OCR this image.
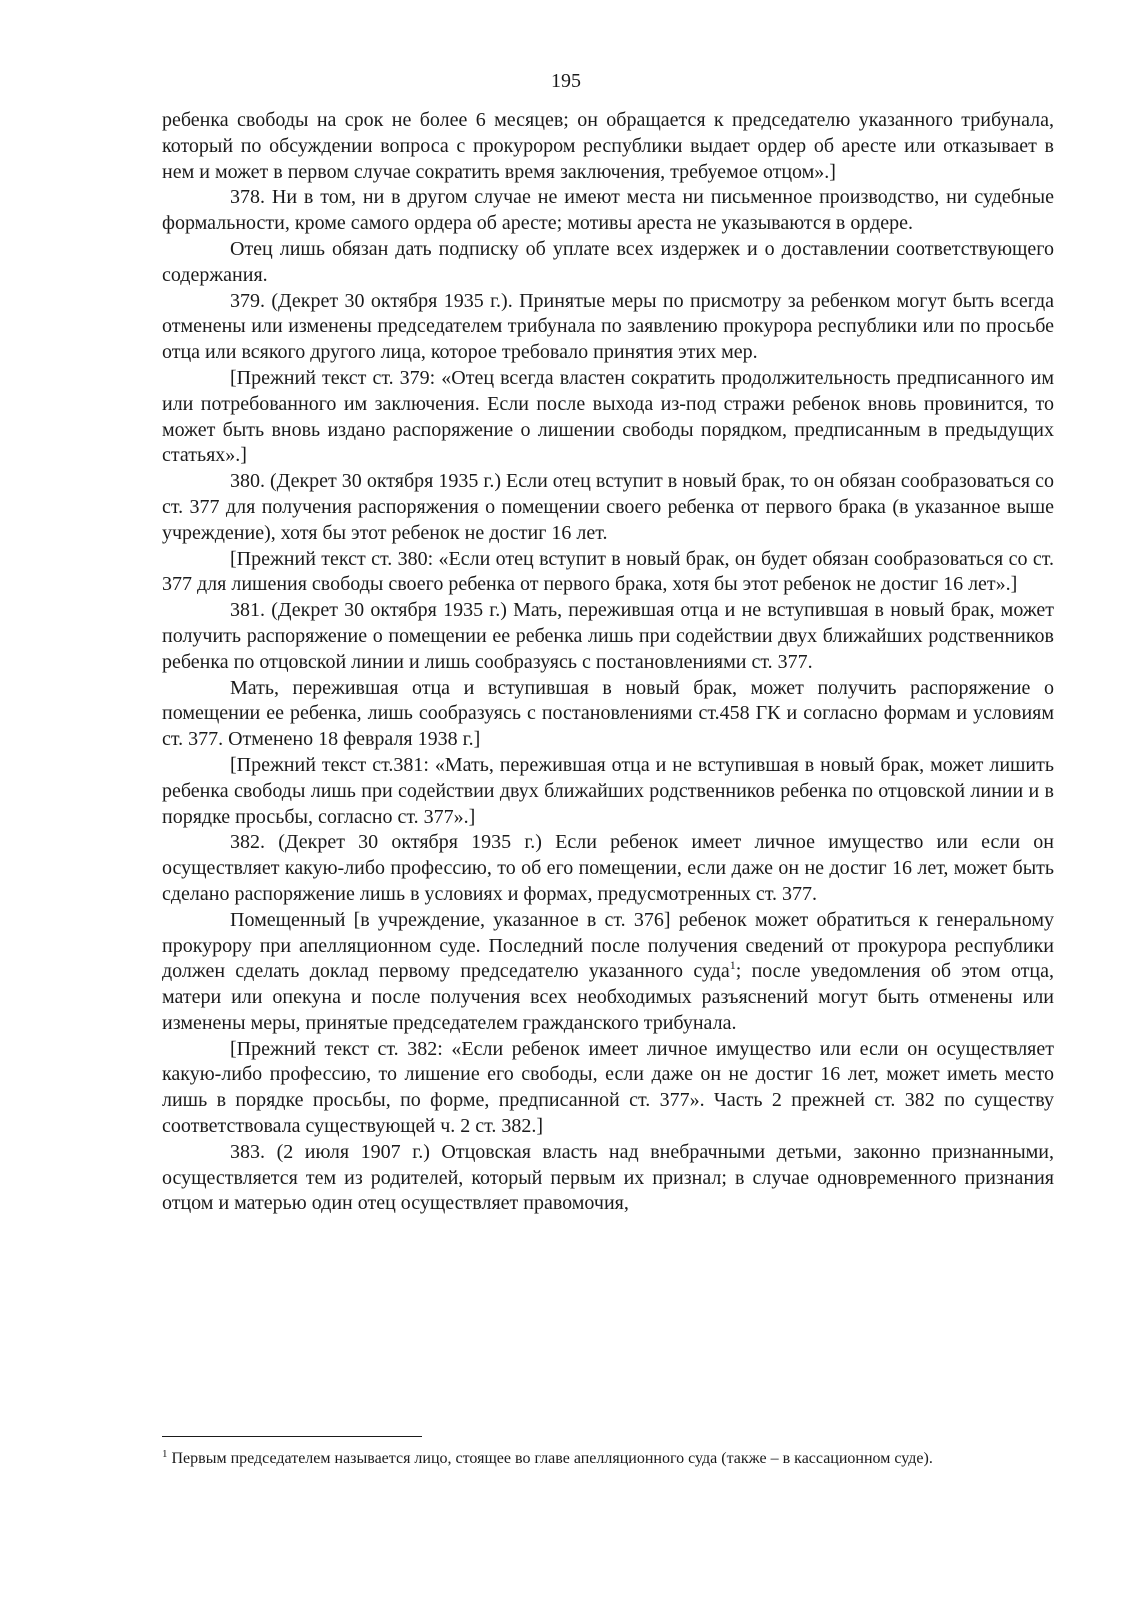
195

ребенка свободы на срок не более 6 месяцев; он обращается к председателю указанного трибунала, который по обсуждении вопроса с прокурором республики выдает ордер об аресте или отказывает в нем и может в первом случае сократить время заключения, требуемое отцом».]

378. Ни в том, ни в другом случае не имеют места ни письменное производство, ни судебные формальности, кроме самого ордера об аресте; мотивы ареста не указываются в ордере.

Отец лишь обязан дать подписку об уплате всех издержек и о доставлении соответствующего содержания.

379. (Декрет 30 октября 1935 г.). Принятые меры по присмотру за ребенком могут быть всегда отменены или изменены председателем трибунала по заявлению прокурора республики или по просьбе отца или всякого другого лица, которое требовало принятия этих мер.

[Прежний текст ст. 379: «Отец всегда властен сократить продолжительность предписанного им или потребованного им заключения. Если после выхода из-под стражи ребенок вновь провинится, то может быть вновь издано распоряжение о лишении свободы порядком, предписанным в предыдущих статьях».]

380. (Декрет 30 октября 1935 г.) Если отец вступит в новый брак, то он обязан сообразоваться со ст. 377 для получения распоряжения о помещении своего ребенка от первого брака (в указанное выше учреждение), хотя бы этот ребенок не достиг 16 лет.

[Прежний текст ст. 380: «Если отец вступит в новый брак, он будет обязан сообразоваться со ст. 377 для лишения свободы своего ребенка от первого брака, хотя бы этот ребенок не достиг 16 лет».]

381. (Декрет 30 октября 1935 г.) Мать, пережившая отца и не вступившая в новый брак, может получить распоряжение о помещении ее ребенка лишь при содействии двух ближайших родственников ребенка по отцовской линии и лишь сообразуясь с постановлениями ст. 377.

Мать, пережившая отца и вступившая в новый брак, может получить распоряжение о помещении ее ребенка, лишь сообразуясь с постановлениями ст.458 ГК и согласно формам и условиям ст. 377. Отменено 18 февраля 1938 г.]

[Прежний текст ст.381: «Мать, пережившая отца и не вступившая в новый брак, может лишить ребенка свободы лишь при содействии двух ближайших родственников ребенка по отцовской линии и в порядке просьбы, согласно ст. 377».]

382. (Декрет 30 октября 1935 г.) Если ребенок имеет личное имущество или если он осуществляет какую-либо профессию, то об его помещении, если даже он не достиг 16 лет, может быть сделано распоряжение лишь в условиях и формах, предусмотренных ст. 377.

Помещенный [в учреждение, указанное в ст. 376] ребенок может обратиться к генеральному прокурору при апелляционном суде. Последний после получения сведений от прокурора республики должен сделать доклад первому председателю указанного суда$^1$; после уведомления об этом отца, матери или опекуна и после получения всех необходимых разъяснений могут быть отменены или изменены меры, принятые председателем гражданского трибунала.

[Прежний текст ст. 382: «Если ребенок имеет личное имущество или если он осуществляет какую-либо профессию, то лишение его свободы, если даже он не достиг 16 лет, может иметь место лишь в порядке просьбы, по форме, предписанной ст. 377». Часть 2 прежней ст. 382 по существу соответствовала существующей ч. 2 ст. 382.]

383. (2 июля 1907 г.) Отцовская власть над внебрачными детьми, законно признанными, осуществляется тем из родителей, который первым их признал; в случае одновременного признания отцом и матерью один отец осуществляет правомочия,

$^1$ Первым председателем называется лицо, стоящее во главе апелляционного суда (также – в кассационном суде).
